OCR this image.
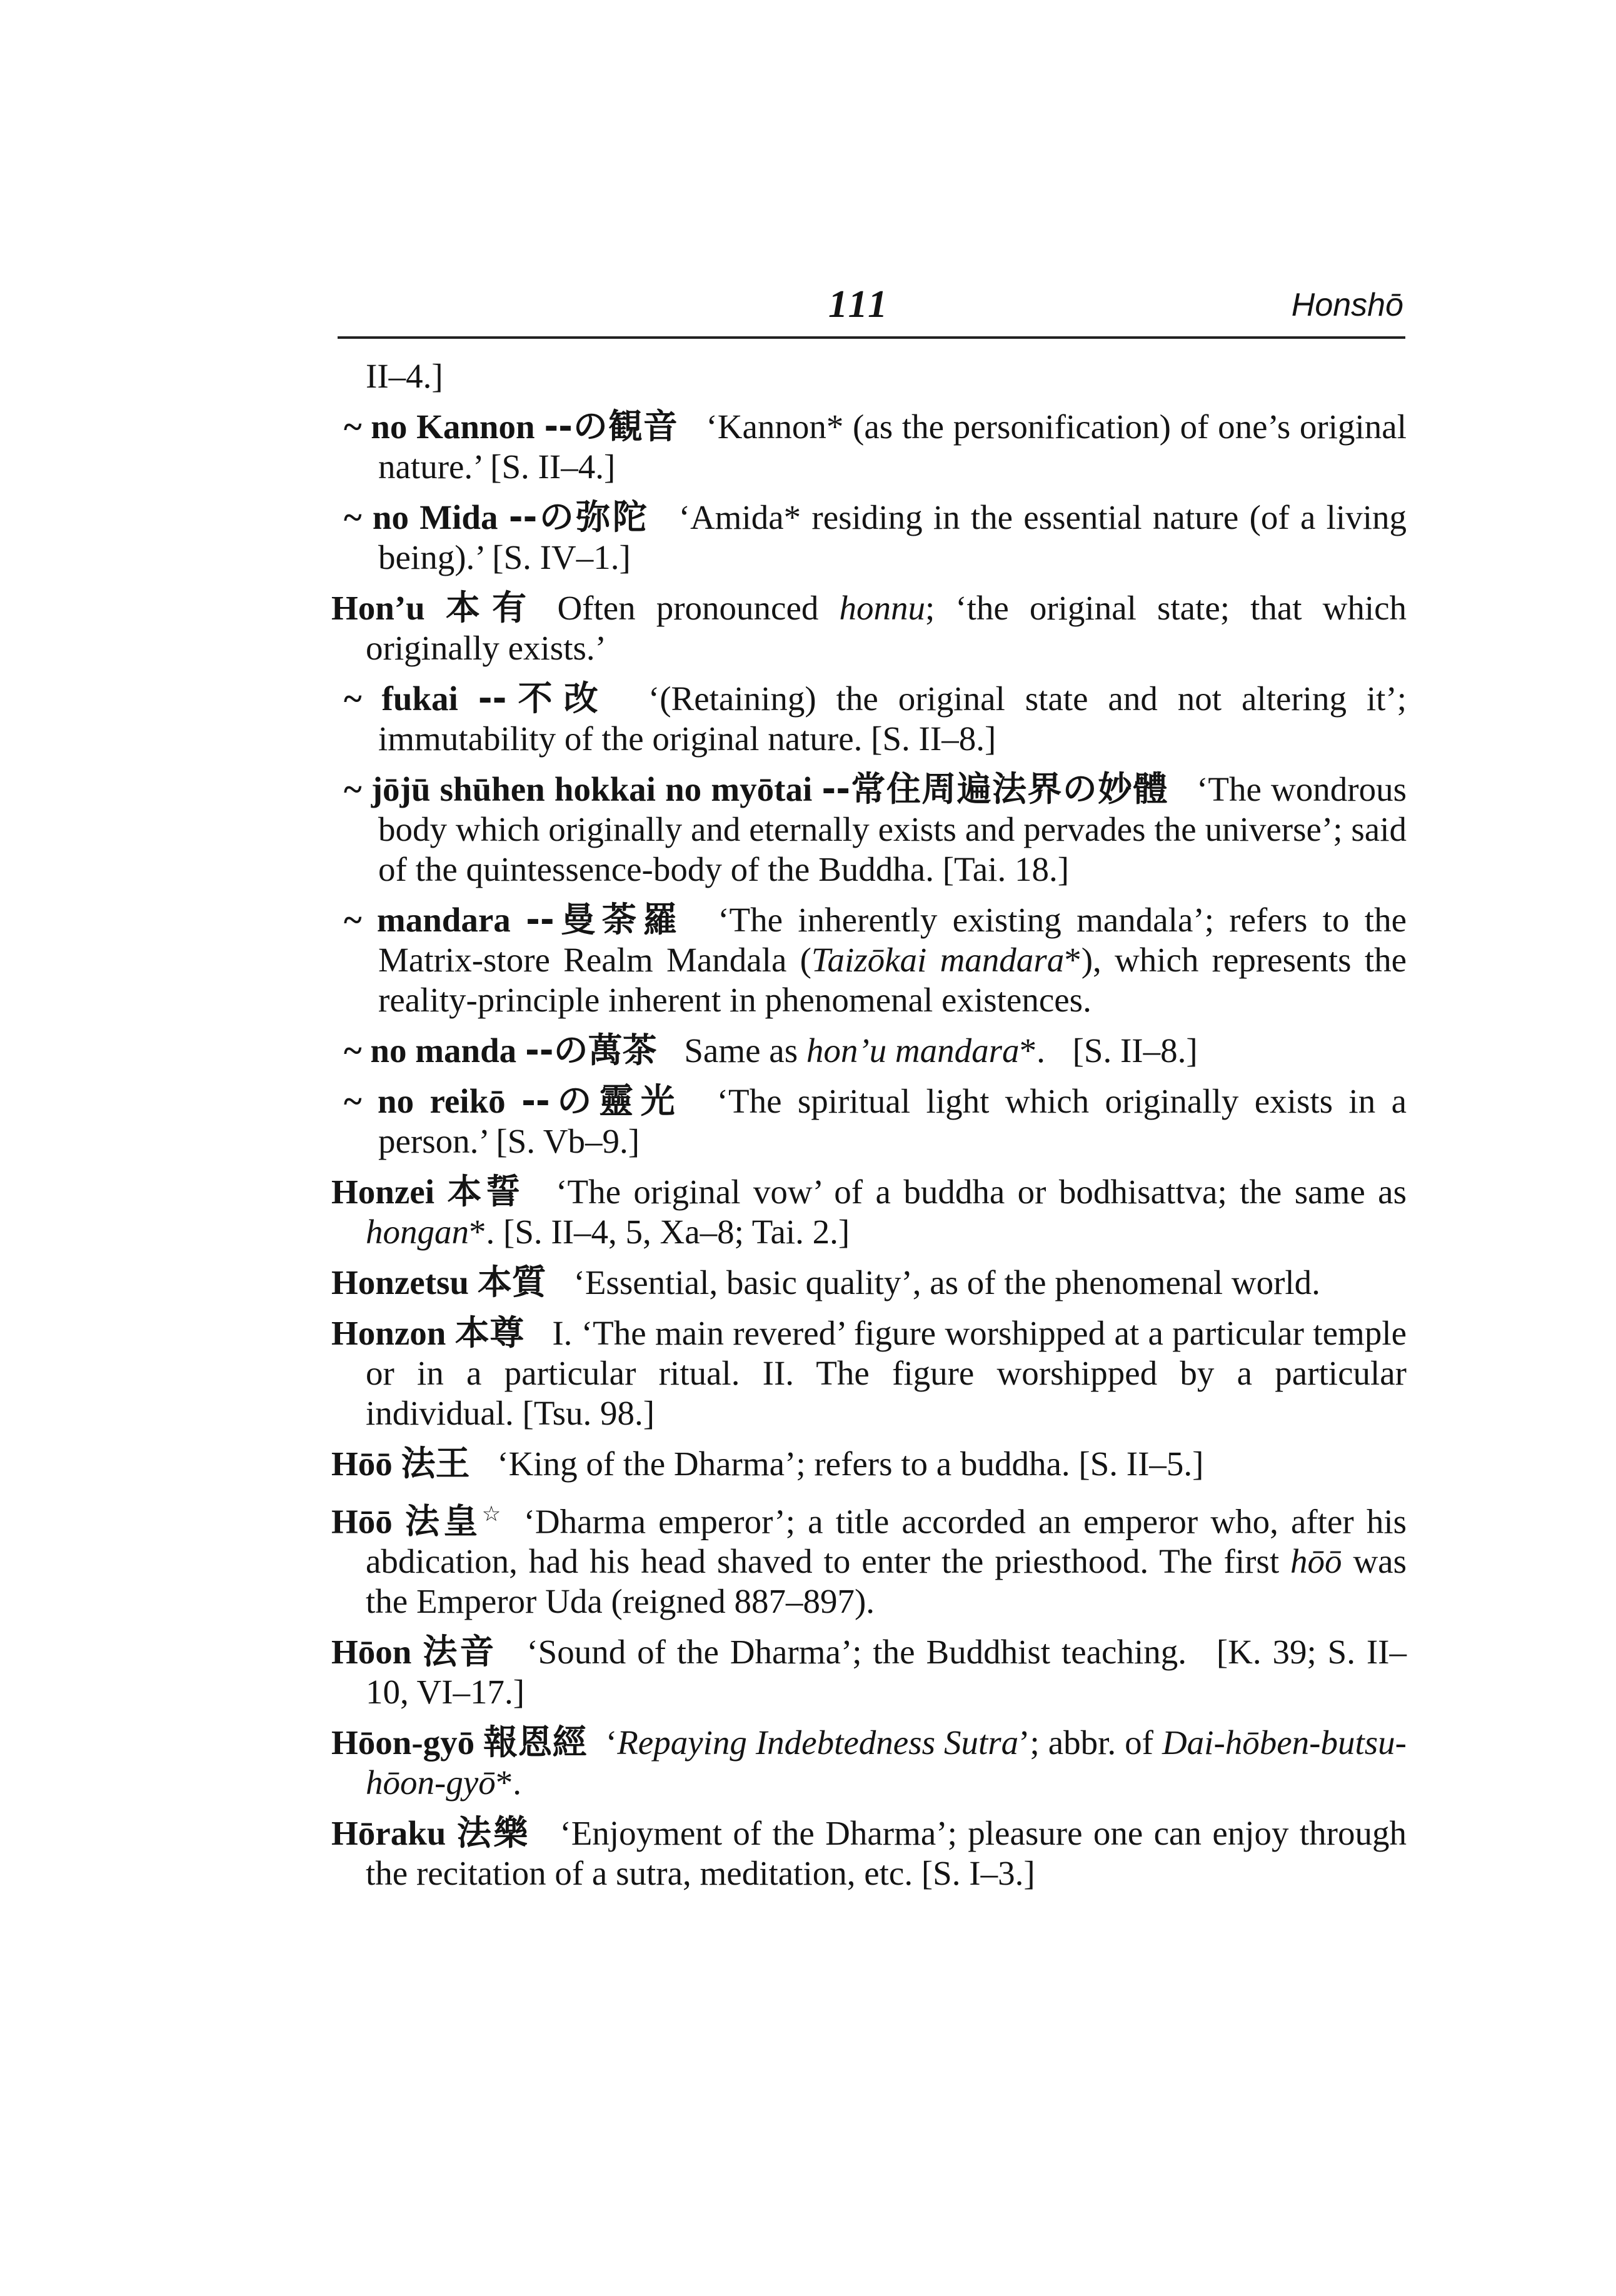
111	Honshō
II–4.]
~ no Kannon --の観音 ‘Kannon* (as the personification) of one’s original nature.’ [S. II–4.]
~ no Mida --の弥陀 ‘Amida* residing in the essential nature (of a living being).’ [S. IV–1.]
Hon’u 本有 Often pronounced honnu; ‘the original state; that which originally exists.’
~ fukai --不改 ‘(Retaining) the original state and not altering it’; immutability of the original nature. [S. II–8.]
~ jōjū shūhen hokkai no myōtai --常住周遍法界の妙體 ‘The wondrous body which originally and eternally exists and pervades the universe’; said of the quintessence-body of the Buddha. [Tai. 18.]
~ mandara --曼荼羅 ‘The inherently existing mandala’; refers to the Matrix-store Realm Mandala (Taizōkai mandara*), which represents the reality-principle inherent in phenomenal existences.
~ no manda --の萬茶 Same as hon’u mandara*. [S. II–8.]
~ no reikō --の靈光 ‘The spiritual light which originally exists in a person.’ [S. Vb–9.]
Honzei 本誓 ‘The original vow’ of a buddha or bodhisattva; the same as hongan*. [S. II–4, 5, Xa–8; Tai. 2.]
Honzetsu 本質 ‘Essential, basic quality’, as of the phenomenal world.
Honzon 本尊 I. ‘The main revered’ figure worshipped at a particular temple or in a particular ritual. II. The figure worshipped by a particular individual. [Tsu. 98.]
Hōō 法王 ‘King of the Dharma’; refers to a buddha. [S. II–5.]
Hōō 法皇☆ ‘Dharma emperor’; a title accorded an emperor who, after his abdication, had his head shaved to enter the priesthood. The first hōō was the Emperor Uda (reigned 887–897).
Hōon 法音 ‘Sound of the Dharma’; the Buddhist teaching. [K. 39; S. II–10, VI–17.]
Hōon-gyō 報恩經 ‘Repaying Indebtedness Sutra’; abbr. of Dai-hōben-butsu-hōon-gyō*.
Hōraku 法樂 ‘Enjoyment of the Dharma’; pleasure one can enjoy through the recitation of a sutra, meditation, etc. [S. I–3.]
